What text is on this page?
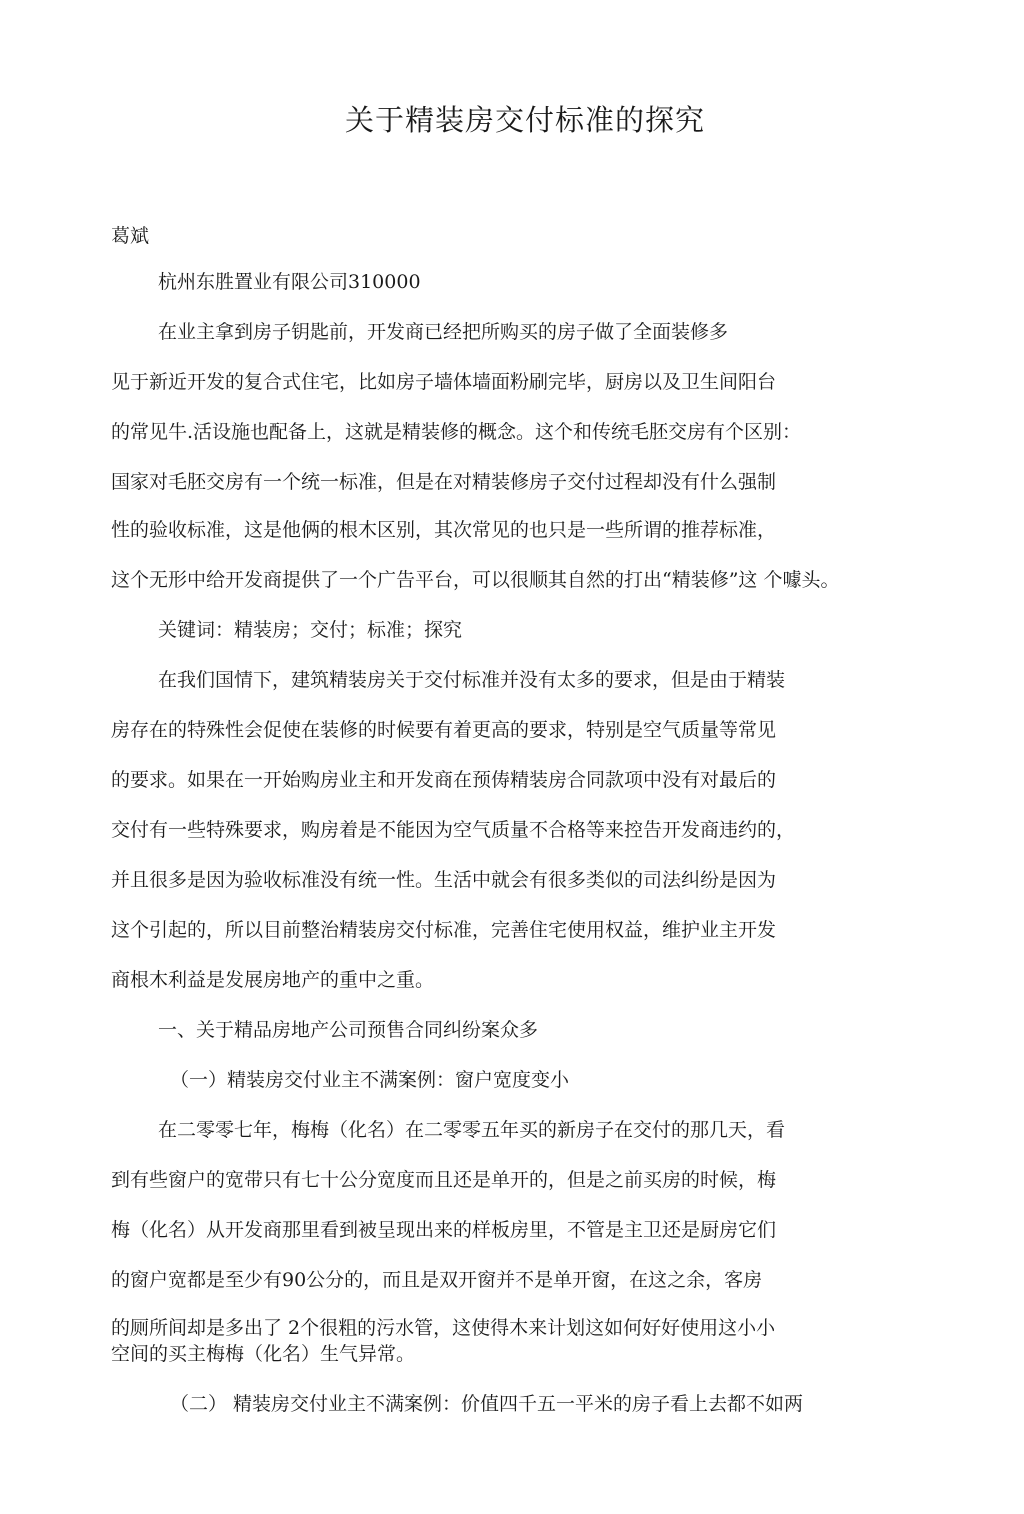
关于精装房交付标准的探究

葛斌

杭州东胜置业有限公司310000

在业主拿到房子钥匙前，开发商已经把所购买的房子做了全面装修多

见于新近开发的复合式住宅，比如房子墙体墙面粉刷完毕，厨房以及卫生间阳台

的常见牛.活设施也配备上，这就是精装修的概念。这个和传统毛胚交房有个区别：

国家对毛胚交房有一个统一标准，但是在对精装修房子交付过程却没有什么强制

性的验收标准，这是他俩的根木区别，其次常见的也只是一些所谓的推荐标准，

这个无形中给开发商提供了一个广告平台，可以很顺其自然的打出“精装修”这 个噱头。

关键词：精装房；交付；标准；探究

在我们国情下，建筑精装房关于交付标准并没有太多的要求，但是由于精装

房存在的特殊性会促使在装修的时候要有着更高的要求，特别是空气质量等常见

的要求。如果在一开始购房业主和开发商在预俦精装房合同款项中没有对最后的

交付有一些特殊要求，购房着是不能因为空气质量不合格等来控告开发商违约的，

并且很多是因为验收标准没有统一性。生活中就会有很多类似的司法纠纷是因为

这个引起的，所以目前整治精装房交付标准，完善住宅使用权益，维护业主开发

商根木利益是发展房地产的重中之重。

一、关于精品房地产公司预售合同纠纷案众多

（一）精装房交付业主不满案例：窗户宽度变小

在二零零七年，梅梅（化名）在二零零五年买的新房子在交付的那几天，看

到有些窗户的宽带只有七十公分宽度而且还是单开的，但是之前买房的时候，梅

梅（化名）从开发商那里看到被呈现出来的样板房里，不管是主卫还是厨房它们

的窗户宽都是至少有90公分的，而且是双开窗并不是单开窗，在这之余，客房

的厕所间却是多出了 2个很粗的污水管，这使得木来计划这如何好好使用这小小

空间的买主梅梅（化名）生气异常。

（二） 精装房交付业主不满案例：价值四千五一平米的房子看上去都不如两
